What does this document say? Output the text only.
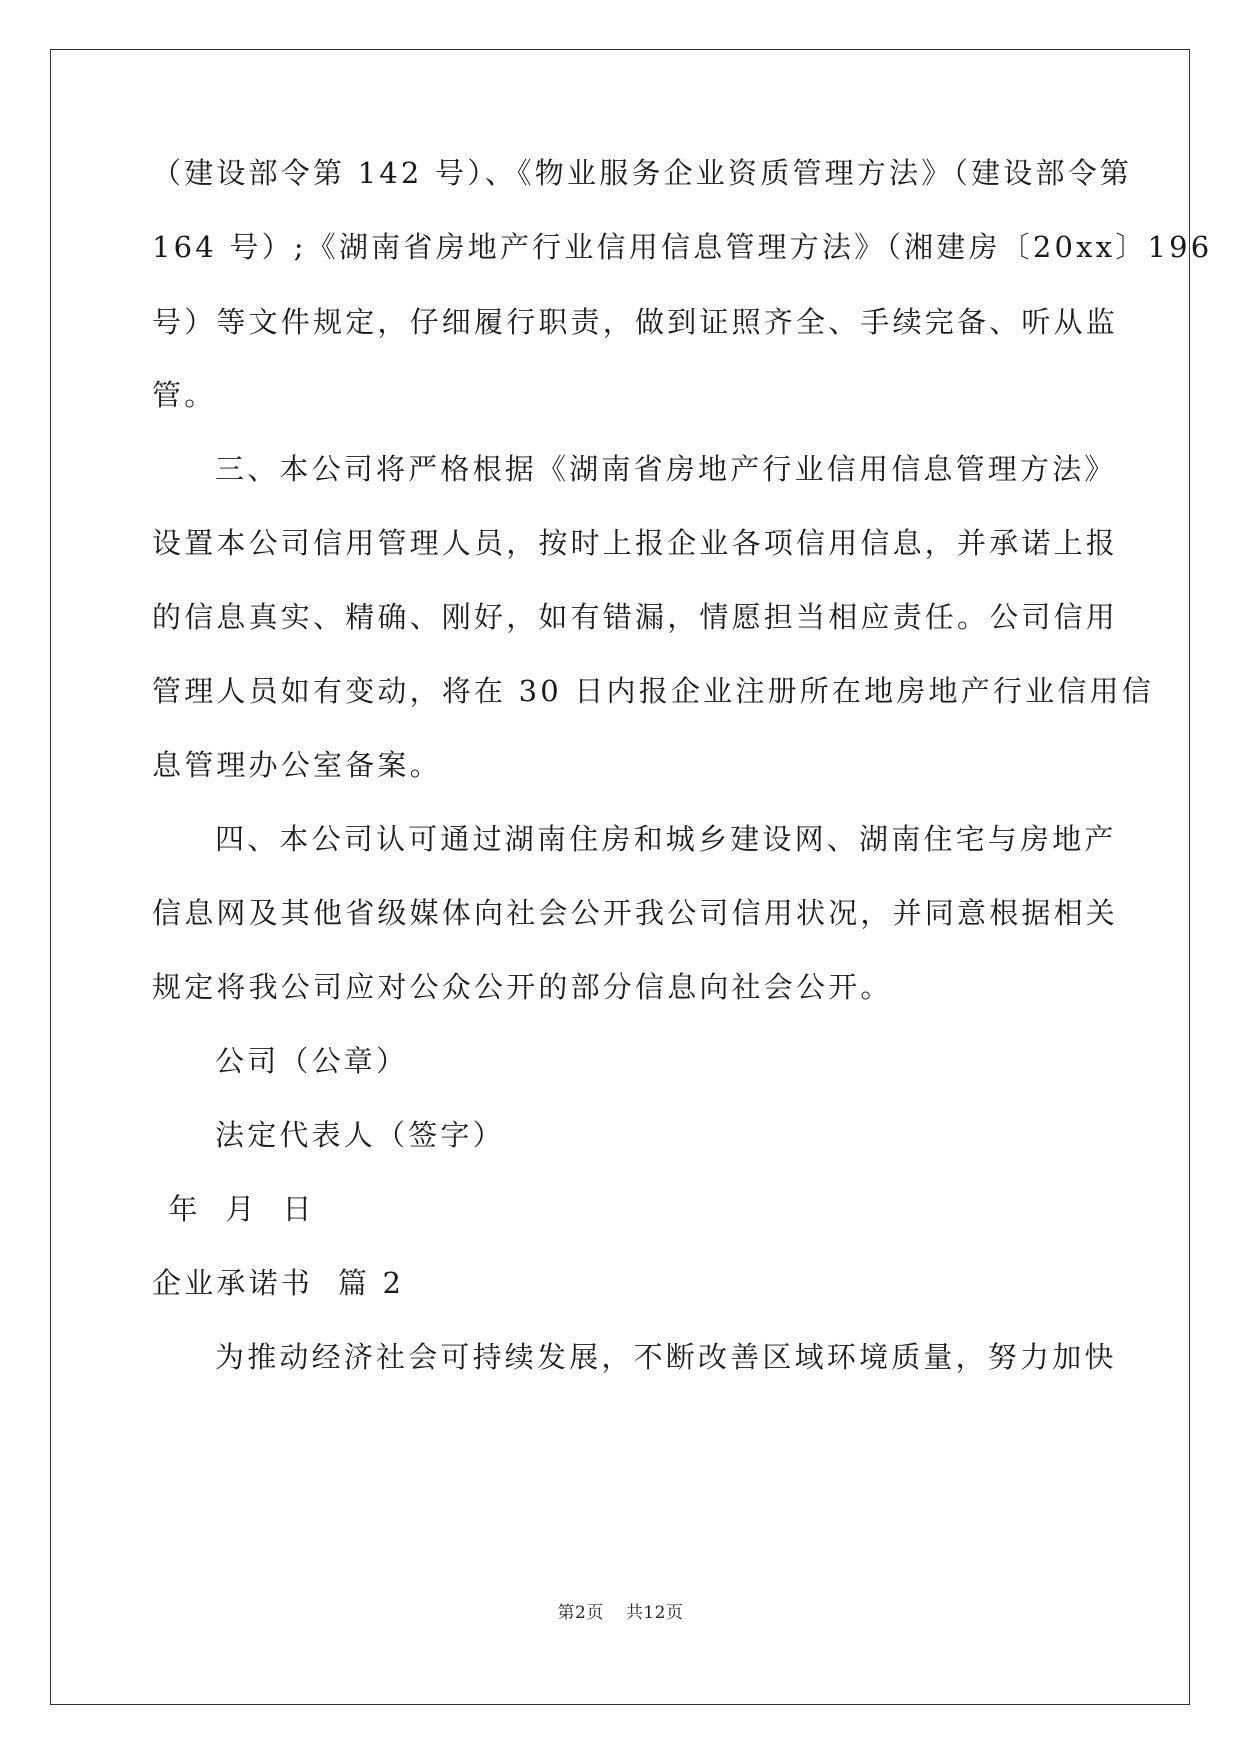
（建设部令第 142 号）、《物业服务企业资质管理方法》（建设部令第
164 号）;《湖南省房地产行业信用信息管理方法》（湘建房〔20xx〕196
号）等文件规定，仔细履行职责，做到证照齐全、手续完备、听从监
管。
三、本公司将严格根据《湖南省房地产行业信用信息管理方法》
设置本公司信用管理人员，按时上报企业各项信用信息，并承诺上报
的信息真实、精确、刚好，如有错漏，情愿担当相应责任。公司信用
管理人员如有变动，将在 30 日内报企业注册所在地房地产行业信用信
息管理办公室备案。
四、本公司认可通过湖南住房和城乡建设网、湖南住宅与房地产
信息网及其他省级媒体向社会公开我公司信用状况，并同意根据相关
规定将我公司应对公众公开的部分信息向社会公开。
公司（公章）
法定代表人（签字）
年  月  日
企业承诺书  篇 2
为推动经济社会可持续发展，不断改善区域环境质量，努力加快
第2页 共12页
